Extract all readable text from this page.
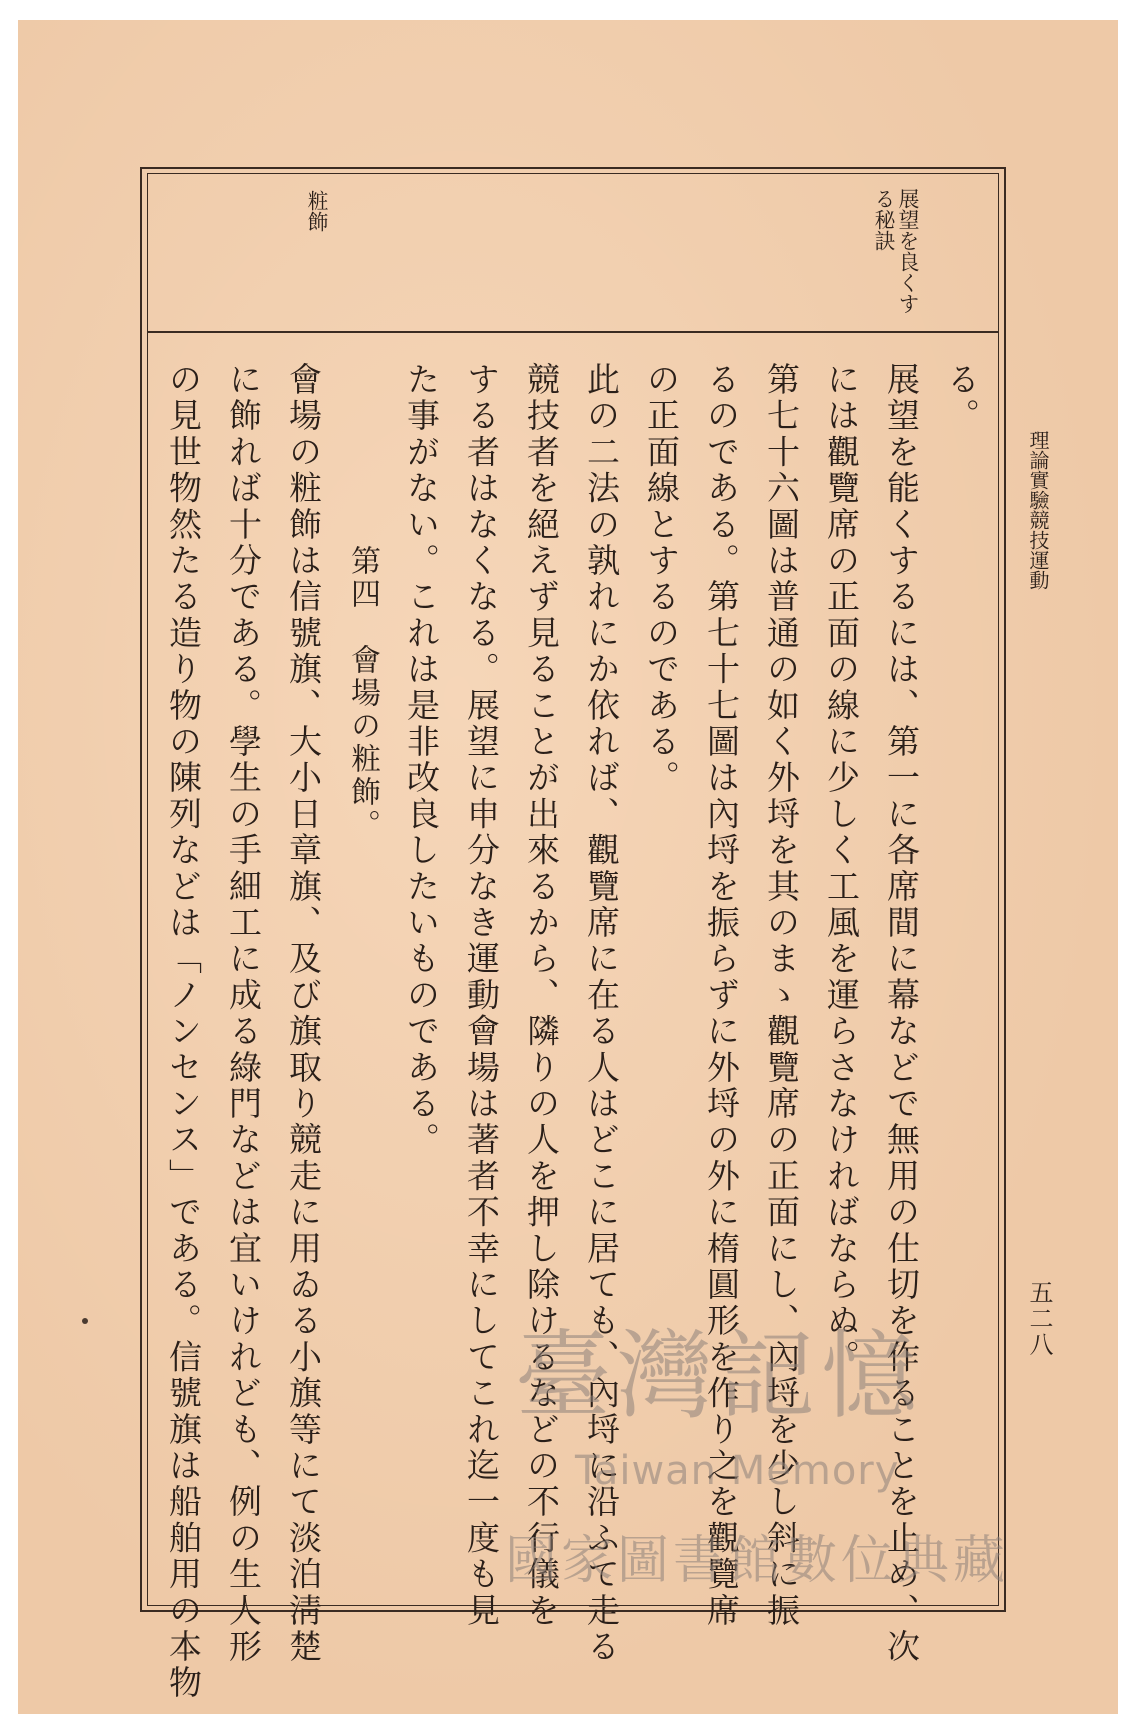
理論實驗競技運動

五二八

展望を良くする秘訣

粧飾

る。

展望を能くするには、第一に各席間に幕などで無用の仕切を作ることを止め、次

には觀覽席の正面の線に少しく工風を運らさなければならぬ。

第七十六圖は普通の如く外埒を其のまゝ觀覽席の正面にし、內埒を少し斜に振

るのである。第七十七圖は內埒を振らずに外埒の外に楕圓形を作り之を觀覽席

の正面線とするのである。

此の二法の孰れにか依れば、觀覽席に在る人はどこに居ても、內埒に沿ふて走る

競技者を絕えず見ることが出來るから、隣りの人を押し除けるなどの不行儀を

する者はなくなる。展望に申分なき運動會場は著者不幸にしてこれ迄一度も見

た事がない。これは是非改良したいものである。

第四　會場の粧飾。

會場の粧飾は信號旗、大小日章旗、及び旗取り競走に用ゐる小旗等にて淡泊淸楚

に飾れば十分である。學生の手細工に成る綠門などは宜いけれども、例の生人形

の見世物然たる造り物の陳列などは「ノンセンス」である。信號旗は船舶用の本物	臺灣記憶
Taiwan Memory
國家圖書館數位典藏
